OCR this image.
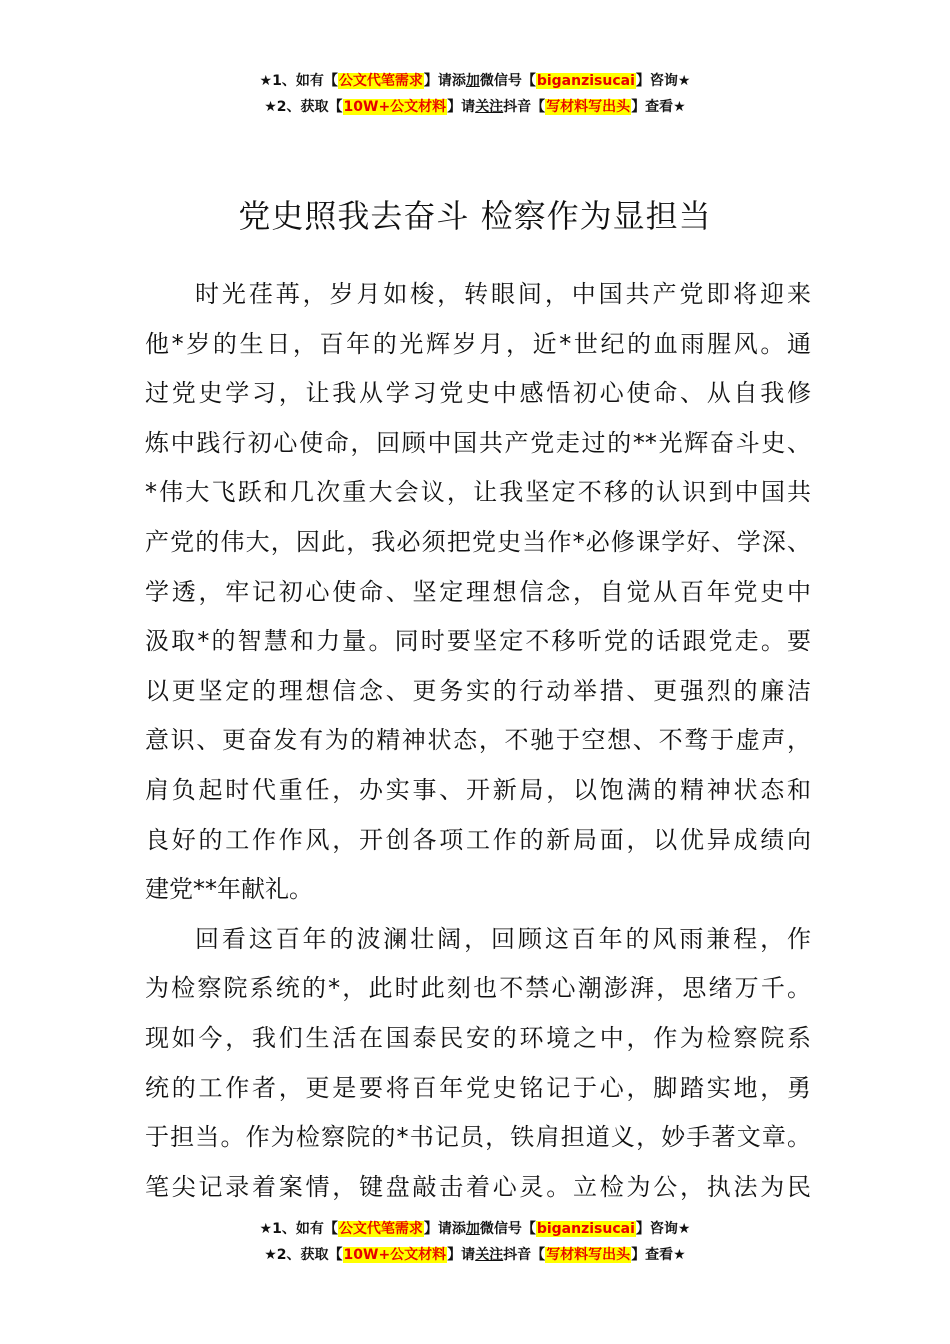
★1、如有【公文代笔需求】请添加微信号【biganzisucai】咨询★
★2、获取【10W+公文材料】请关注抖音【写材料写出头】查看★
党史照我去奋斗 检察作为显担当
时光荏苒，岁月如梭，转眼间，中国共产党即将迎来
他*岁的生日，百年的光辉岁月，近*世纪的血雨腥风。通
过党史学习，让我从学习党史中感悟初心使命、从自我修
炼中践行初心使命，回顾中国共产党走过的**光辉奋斗史、
*伟大飞跃和几次重大会议，让我坚定不移的认识到中国共
产党的伟大，因此，我必须把党史当作*必修课学好、学深、
学透，牢记初心使命、坚定理想信念，自觉从百年党史中
汲取*的智慧和力量。同时要坚定不移听党的话跟党走。要
以更坚定的理想信念、更务实的行动举措、更强烈的廉洁
意识、更奋发有为的精神状态，不驰于空想、不骛于虚声，
肩负起时代重任，办实事、开新局，以饱满的精神状态和
良好的工作作风，开创各项工作的新局面，以优异成绩向
建党**年献礼。
回看这百年的波澜壮阔，回顾这百年的风雨兼程，作
为检察院系统的*，此时此刻也不禁心潮澎湃，思绪万千。
现如今，我们生活在国泰民安的环境之中，作为检察院系
统的工作者，更是要将百年党史铭记于心，脚踏实地，勇
于担当。作为检察院的*书记员，铁肩担道义，妙手著文章。
笔尖记录着案情，键盘敲击着心灵。立检为公，执法为民
★1、如有【公文代笔需求】请添加微信号【biganzisucai】咨询★
★2、获取【10W+公文材料】请关注抖音【写材料写出头】查看★
